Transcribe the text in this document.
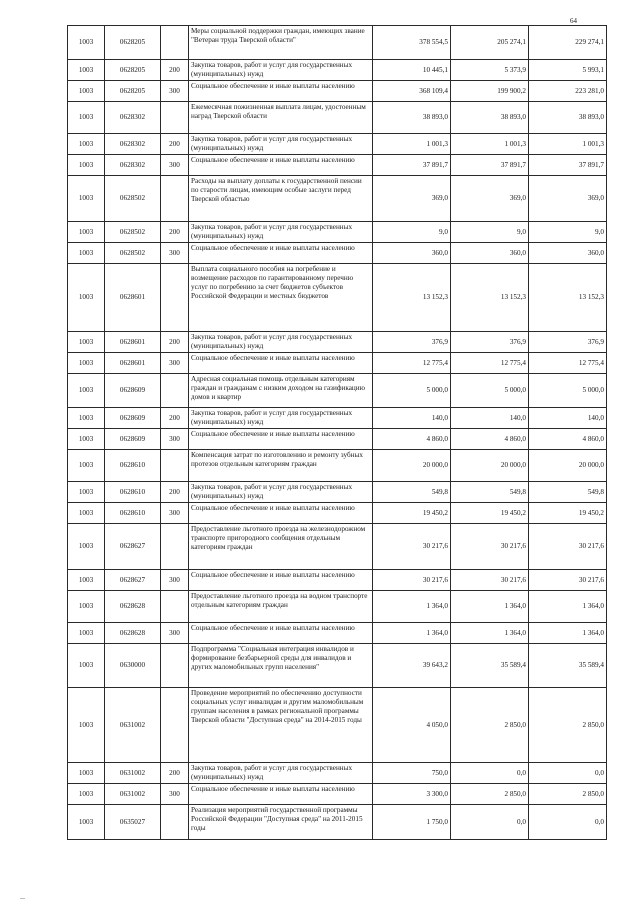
64
1003	0628205		Меры социальной поддержки граждан, имеющих звание "Ветеран труда Тверской области"	378 554,5	205 274,1	229 274,1
1003	0628205	200	Закупка товаров, работ и услуг для государственных (муниципальных) нужд	10 445,1	5 373,9	5 993,1
1003	0628205	300	Социальное обеспечение и иные выплаты населению	368 109,4	199 900,2	223 281,0
1003	0628302		Ежемесячная пожизненная выплата лицам, удостоенным наград Тверской области	38 893,0	38 893,0	38 893,0
1003	0628302	200	Закупка товаров, работ и услуг для государственных (муниципальных) нужд	1 001,3	1 001,3	1 001,3
1003	0628302	300	Социальное обеспечение и иные выплаты населению	37 891,7	37 891,7	37 891,7
1003	0628502		Расходы на выплату доплаты к государственной пенсии по старости лицам, имеющим особые заслуги перед Тверской областью	369,0	369,0	369,0
1003	0628502	200	Закупка товаров, работ и услуг для государственных (муниципальных) нужд	9,0	9,0	9,0
1003	0628502	300	Социальное обеспечение и иные выплаты населению	360,0	360,0	360,0
1003	0628601		Выплата социального пособия на погребение и возмещение расходов по гарантированному перечню услуг по погребению за счет бюджетов субъектов Российской Федерации и местных бюджетов	13 152,3	13 152,3	13 152,3
1003	0628601	200	Закупка товаров, работ и услуг для государственных (муниципальных) нужд	376,9	376,9	376,9
1003	0628601	300	Социальное обеспечение и иные выплаты населению	12 775,4	12 775,4	12 775,4
1003	0628609		Адресная социальная помощь отдельным категориям граждан и гражданам с низким доходом на газификацию домов и квартир	5 000,0	5 000,0	5 000,0
1003	0628609	200	Закупка товаров, работ и услуг для государственных (муниципальных) нужд	140,0	140,0	140,0
1003	0628609	300	Социальное обеспечение и иные выплаты населению	4 860,0	4 860,0	4 860,0
1003	0628610		Компенсация затрат по изготовлению и ремонту зубных протезов отдельным категориям граждан	20 000,0	20 000,0	20 000,0
1003	0628610	200	Закупка товаров, работ и услуг для государственных (муниципальных) нужд	549,8	549,8	549,8
1003	0628610	300	Социальное обеспечение и иные выплаты населению	19 450,2	19 450,2	19 450,2
1003	0628627		Предоставление льготного проезда на железнодорожном транспорте пригородного сообщения отдельным категориям граждан	30 217,6	30 217,6	30 217,6
1003	0628627	300	Социальное обеспечение и иные выплаты населению	30 217,6	30 217,6	30 217,6
1003	0628628		Предоставление льготного проезда на водном транспорте отдельным категориям граждан	1 364,0	1 364,0	1 364,0
1003	0628628	300	Социальное обеспечение и иные выплаты населению	1 364,0	1 364,0	1 364,0
1003	0630000		Подпрограмма "Социальная интеграция инвалидов и формирование безбарьерной среды для инвалидов и других маломобильных групп населения"	39 643,2	35 589,4	35 589,4
1003	0631002		Проведение мероприятий по обеспечению доступности социальных услуг инвалидам и другим маломобильным группам населения в рамках региональной программы Тверской области "Доступная среда" на 2014-2015 годы	4 050,0	2 850,0	2 850,0
1003	0631002	200	Закупка товаров, работ и услуг для государственных (муниципальных) нужд	750,0	0,0	0,0
1003	0631002	300	Социальное обеспечение и иные выплаты населению	3 300,0	2 850,0	2 850,0
1003	0635027		Реализация мероприятий государственной программы Российской Федерации "Доступная среда" на 2011-2015 годы	1 750,0	0,0	0,0
—
